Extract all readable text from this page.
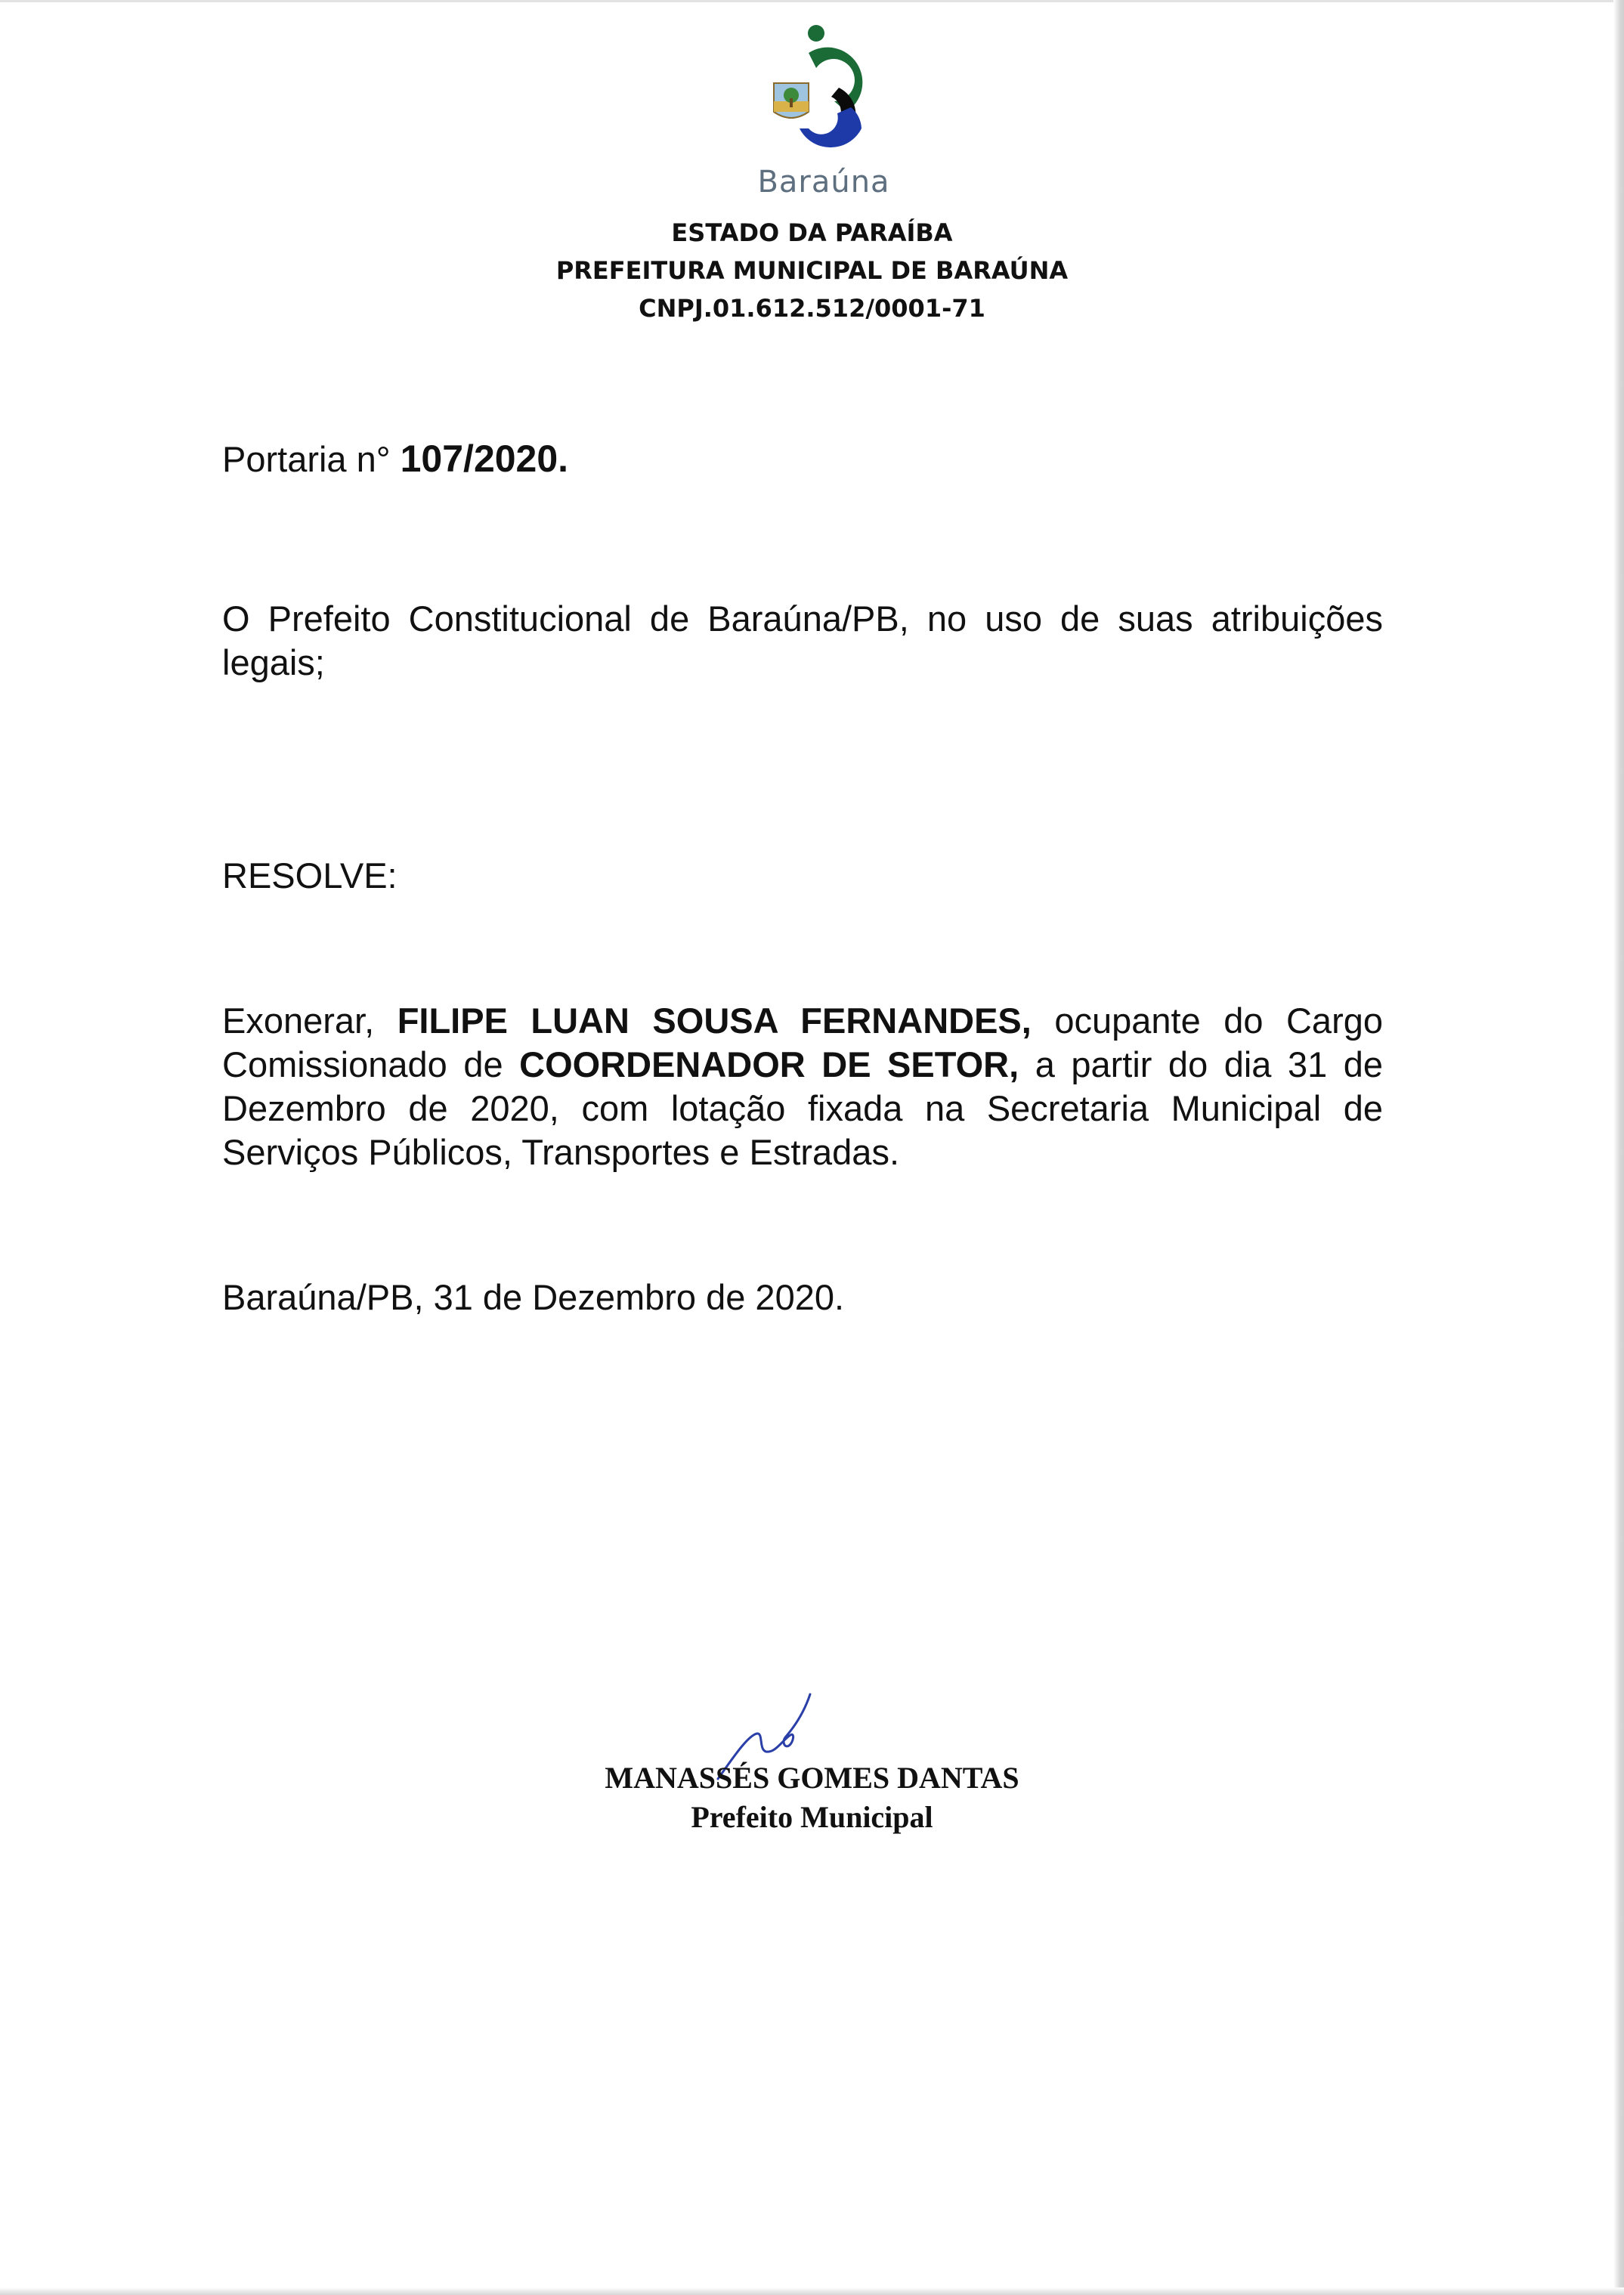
Baraúna
ESTADO DA PARAÍBA
PREFEITURA MUNICIPAL DE BARAÚNA
CNPJ.01.612.512/0001-71
Portaria n° 107/2020.
O Prefeito Constitucional de Baraúna/PB, no uso de suas atribuições legais;
RESOLVE:
Exonerar, FILIPE LUAN SOUSA FERNANDES, ocupante do Cargo Comissionado de COORDENADOR DE SETOR, a partir do dia 31 de Dezembro de 2020, com lotação fixada na Secretaria Municipal de Serviços Públicos, Transportes e Estradas.
Baraúna/PB, 31 de Dezembro de 2020.
MANASSÉS GOMES DANTAS
Prefeito Municipal
